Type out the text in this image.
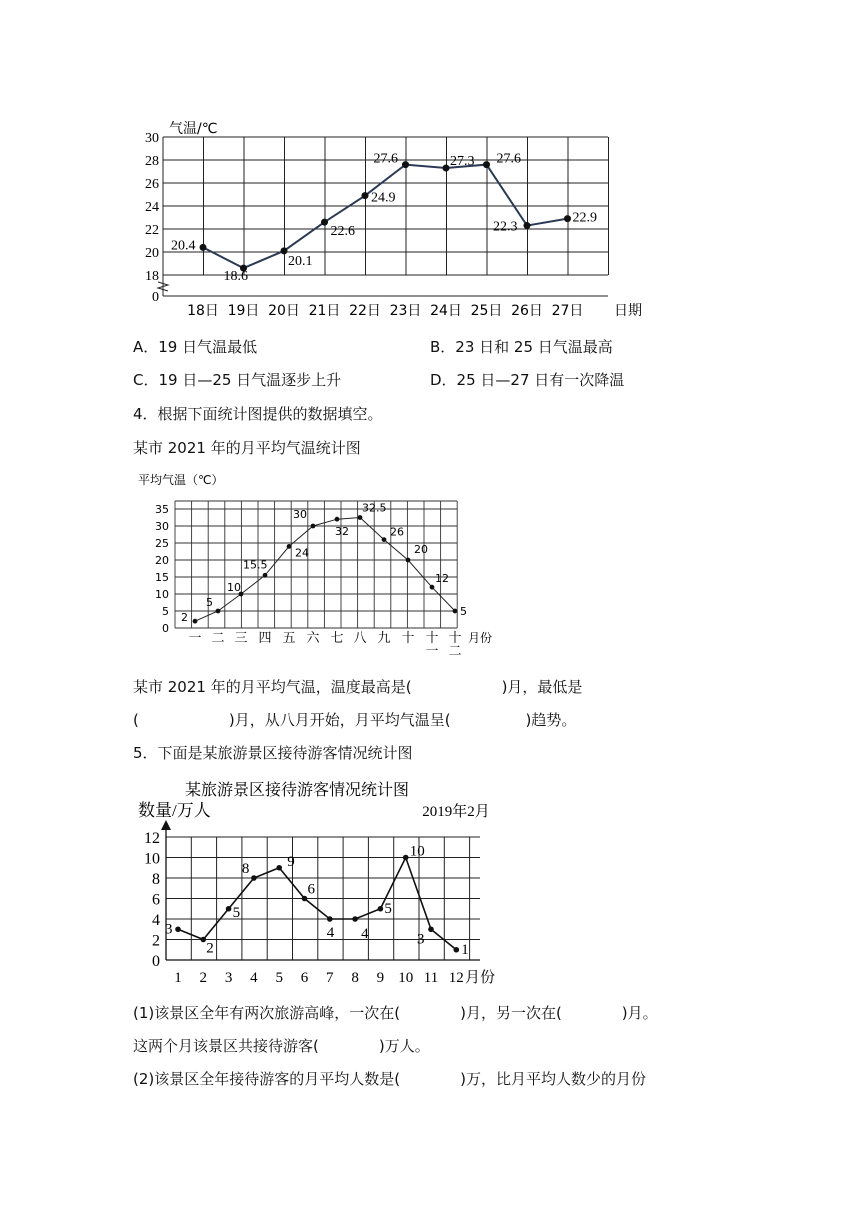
18
20
22
24
26
28
30
0
气温/℃
18日 19日 20日 21日 22日 23日 24日 25日 26日 27日 日期
20.4
18.6
20.1
22.6
24.9
27.6	27.3 27.6
22.3
22.9
A．19 日气温最低	B．23 日和 25 日气温最高
C．19 日—25 日气温逐步上升	D．25 日—27 日有一次降温
4．根据下面统计图提供的数据填空。
某市 2021 年的月平均气温统计图
0
5
10
15
20
25
30
35
平均气温（℃）
一 二 三 四 五 六 七 八 九 十 十一
十二
月份
2
5
10
15.5
24
30
32
32.5
26
20
12
5
某市 2021 年的月平均气温，温度最高是(　　　　　　)月，最低是
(　　　　　　)月，从八月开始，月平均气温呈(　　　　　)趋势。
5．下面是某旅游景区接待游客情况统计图
某旅游景区接待游客情况统计图
数量/万人	2019年2月
0
2
4
6
8
10
12
1 2 3 4 5 6 7 8 9 10 11 12 月份
3
2
5
8	9
6
4 4
5
10
3
1
(1)该景区全年有两次旅游高峰，一次在(　　　　)月，另一次在(　　　　)月。
这两个月该景区共接待游客(　　　　)万人。
(2)该景区全年接待游客的月平均人数是(　　　　)万，比月平均人数少的月份
